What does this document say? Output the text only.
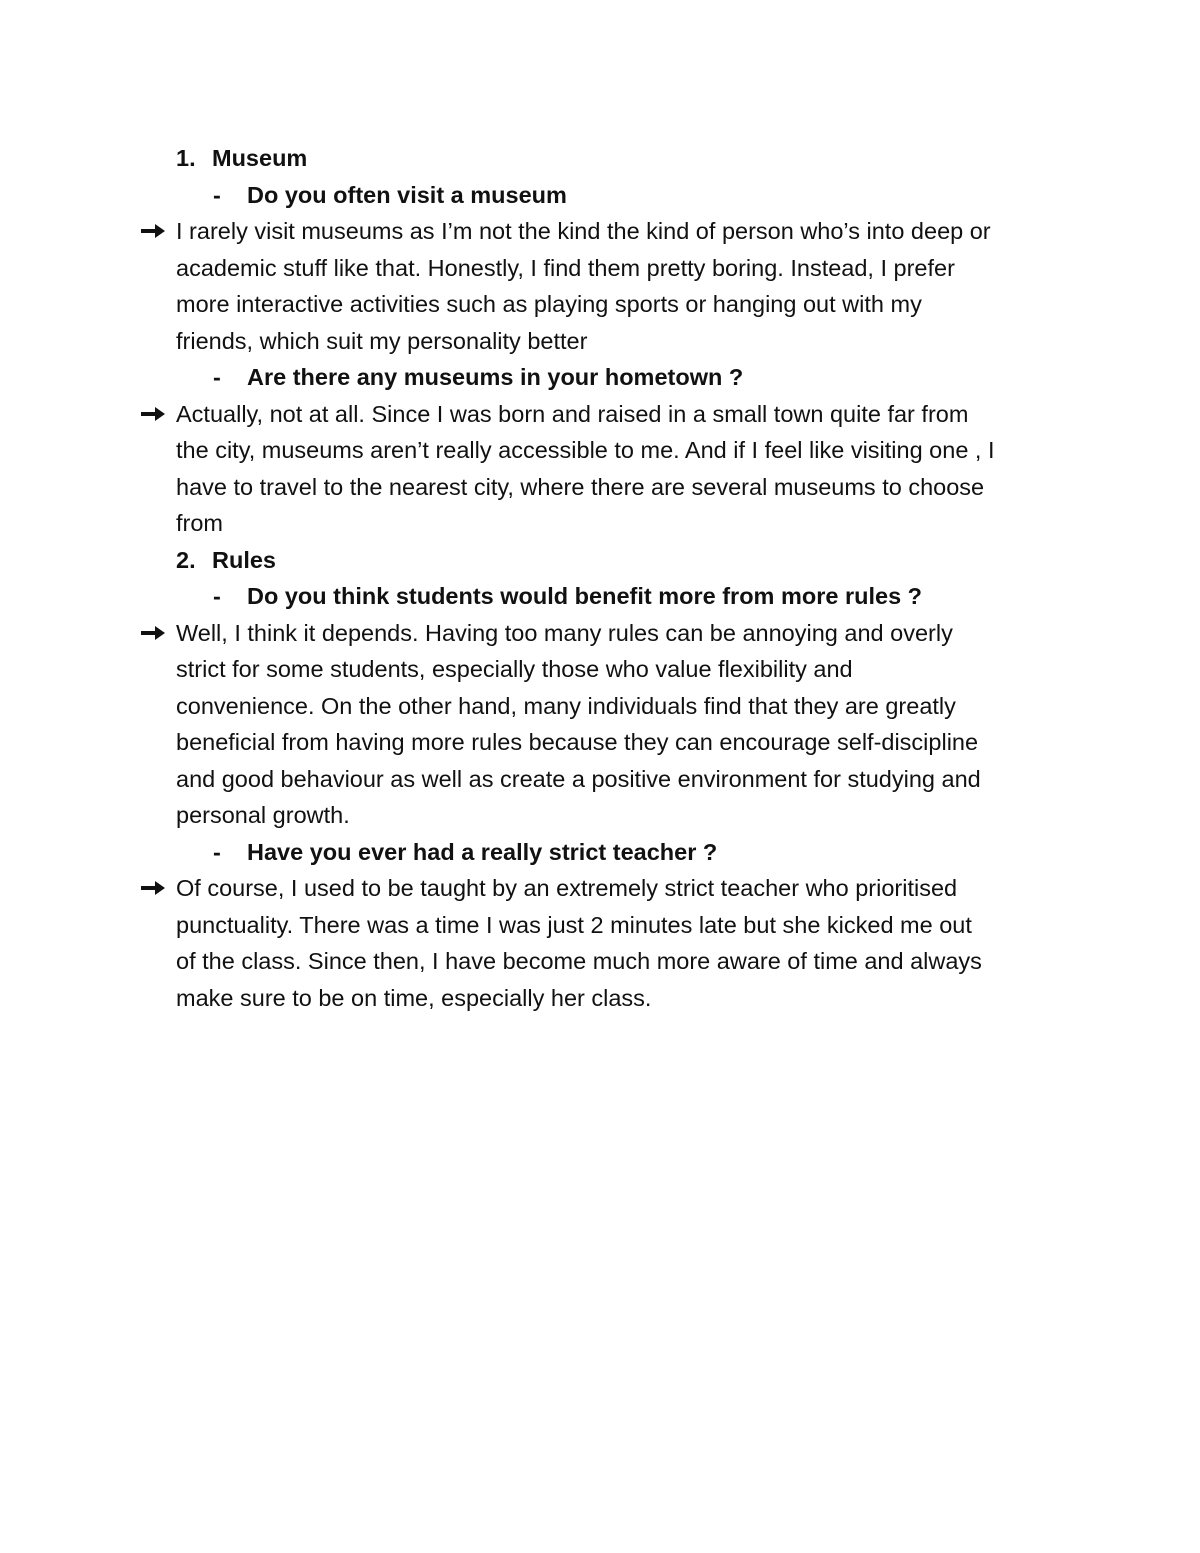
1. Museum
-	Do you often visit a museum
I rarely visit museums as I’m not the kind the kind of person who’s into deep or
academic stuff like that. Honestly, I find them pretty boring. Instead, I prefer
more interactive activities such as playing sports or hanging out with my
friends, which suit my personality better
-	Are there any museums in your hometown ?
Actually, not at all. Since I was born and raised in a small town quite far from
the city, museums aren’t really accessible to me. And if I feel like visiting one , I
have to travel to the nearest city, where there are several museums to choose
from
2. Rules
-	Do you think students would benefit more from more rules ?
Well, I think it depends. Having too many rules can be annoying and overly
strict for some students, especially those who value flexibility and
convenience. On the other hand, many individuals find that they are greatly
beneficial from having more rules because they can encourage self-discipline
and good behaviour as well as create a positive environment for studying and
personal growth.
-	Have you ever had a really strict teacher ?
Of course, I used to be taught by an extremely strict teacher who prioritised
punctuality. There was a time I was just 2 minutes late but she kicked me out
of the class. Since then, I have become much more aware of time and always
make sure to be on time, especially her class.
